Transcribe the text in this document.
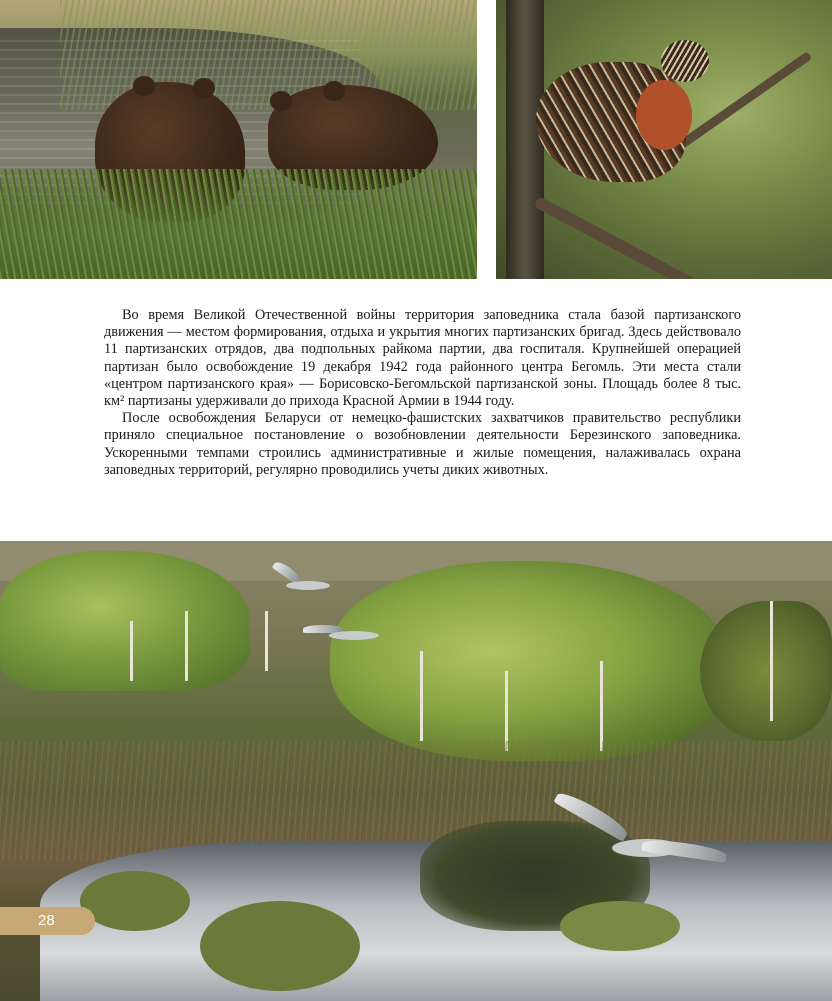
Во время Великой Отечественной войны территория заповедника стала базой партизанского движения — местом формирования, отдыха и укрытия многих партизанских бригад. Здесь действовало 11 партизанских отрядов, два подпольных райкома партии, два госпиталя. Крупнейшей операцией партизан было освобождение 19 декабря 1942 года районного центра Бегомль. Эти места стали «центром партизанского края» — Борисовско-Бегомльской партизанской зоны. Площадь более 8 тыс. км² партизаны удерживали до прихода Красной Армии в 1944 году.

После освобождения Беларуси от немецко-фашистских захватчиков правительство республики приняло специальное постановление о возобновлении деятельности Березинского заповедника. Ускоренными темпами строились административные и жилые помещения, налаживалась охрана заповедных территорий, регулярно проводились учеты диких животных.

28
